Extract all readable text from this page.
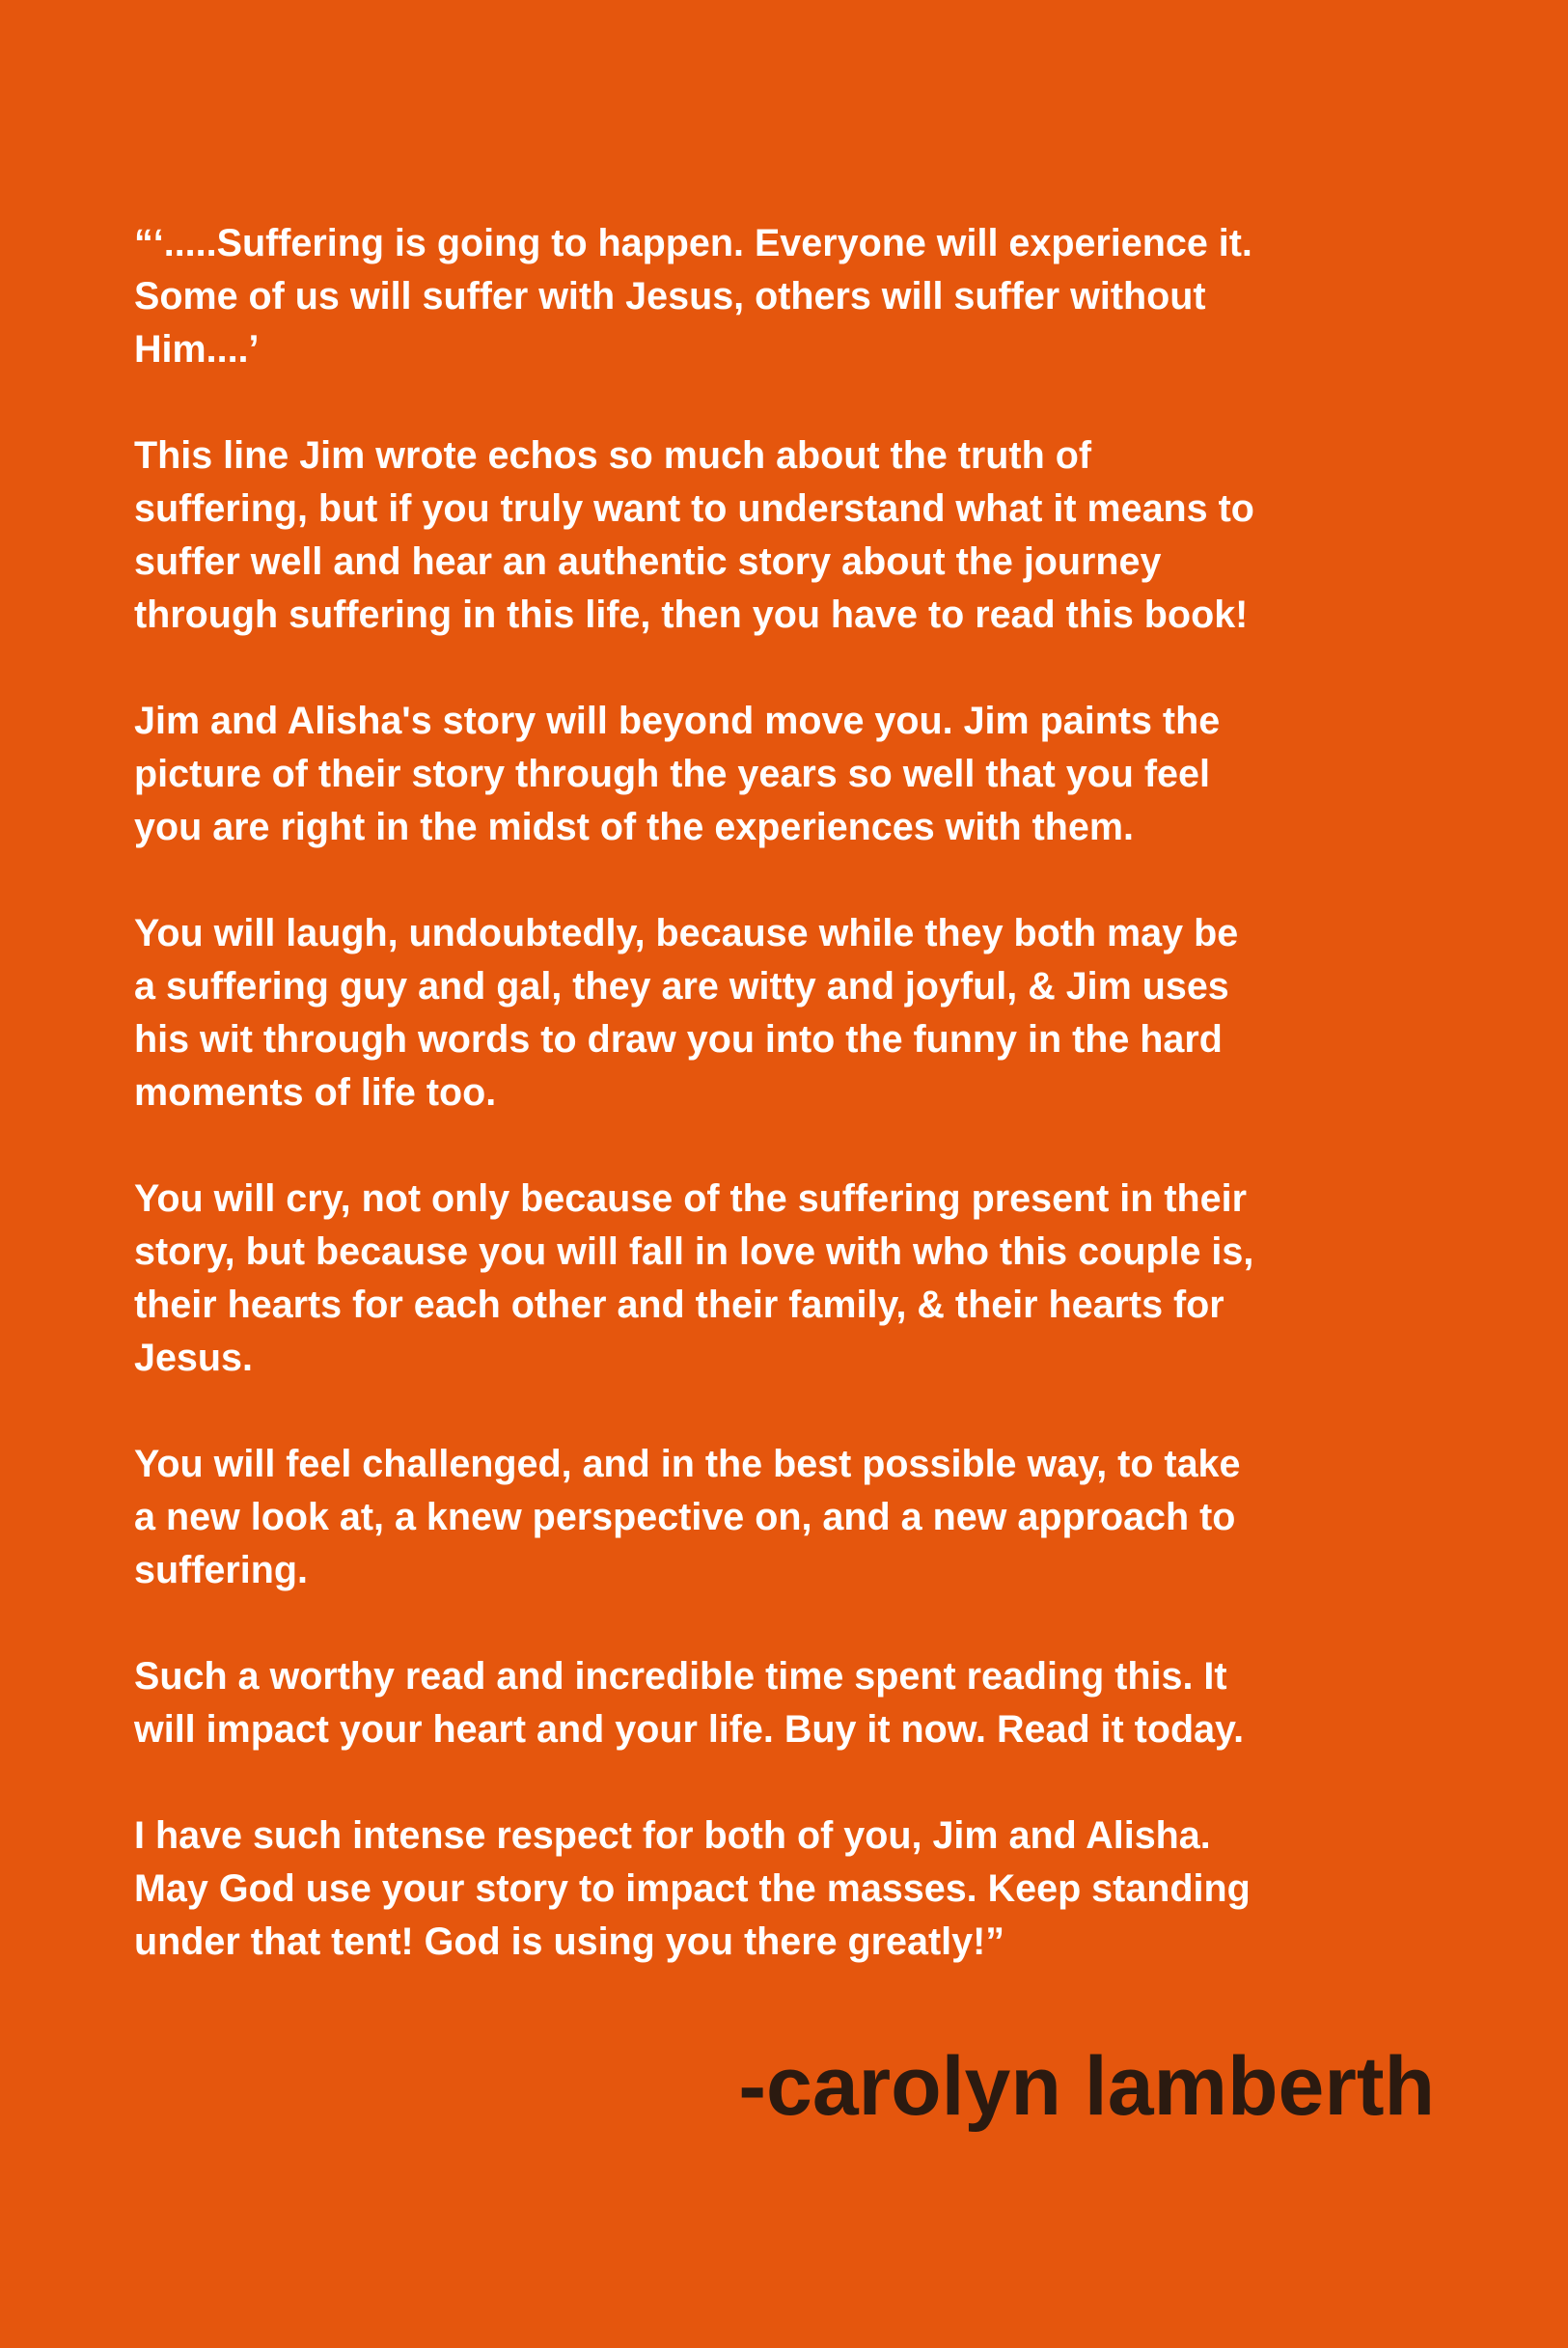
“‘.....Suffering is going to happen. Everyone will experience it.
Some of us will suffer with Jesus, others will suffer without
Him....’

This line Jim wrote echos so much about the truth of
suffering, but if you truly want to understand what it means to
suffer well and hear an authentic story about the journey
through suffering in this life, then you have to read this book!

Jim and Alisha's story will beyond move you. Jim paints the
picture of their story through the years so well that you feel
you are right in the midst of the experiences with them.

You will laugh, undoubtedly, because while they both may be
a suffering guy and gal, they are witty and joyful, & Jim uses
his wit through words to draw you into the funny in the hard
moments of life too.

You will cry, not only because of the suffering present in their
story, but because you will fall in love with who this couple is,
their hearts for each other and their family, & their hearts for
Jesus.

You will feel challenged, and in the best possible way, to take
a new look at, a knew perspective on, and a new approach to
suffering.

Such a worthy read and incredible time spent reading this. It
will impact your heart and your life. Buy it now. Read it today.

I have such intense respect for both of you, Jim and Alisha.
May God use your story to impact the masses. Keep standing
under that tent! God is using you there greatly!”

-carolyn lamberth
